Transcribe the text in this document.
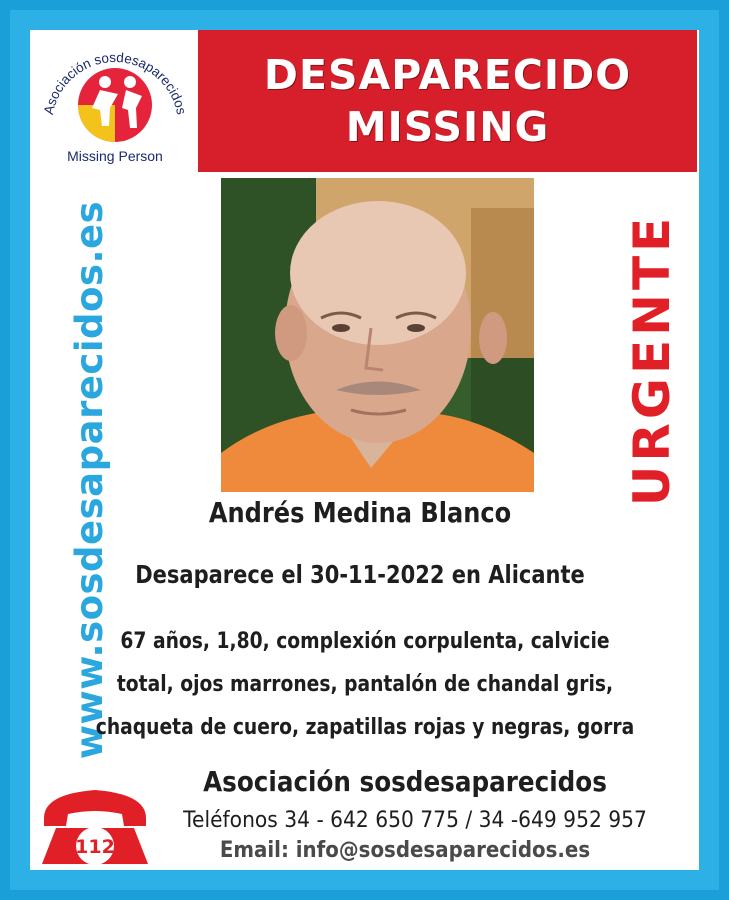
Asociación sosdesaparecidos
Missing Person
DESAPARECIDO
MISSING
www.sosdesaparecidos.es	URGENTE
Andrés Medina Blanco
Desaparece el 30-11-2022 en Alicante
67 años, 1,80, complexión corpulenta, calvicie
total, ojos marrones, pantalón de chandal gris,
chaqueta de cuero, zapatillas rojas y negras, gorra
112
Asociación sosdesaparecidos
Teléfonos 34 - 642 650 775 / 34 -649 952 957
Email: info@sosdesaparecidos.es
